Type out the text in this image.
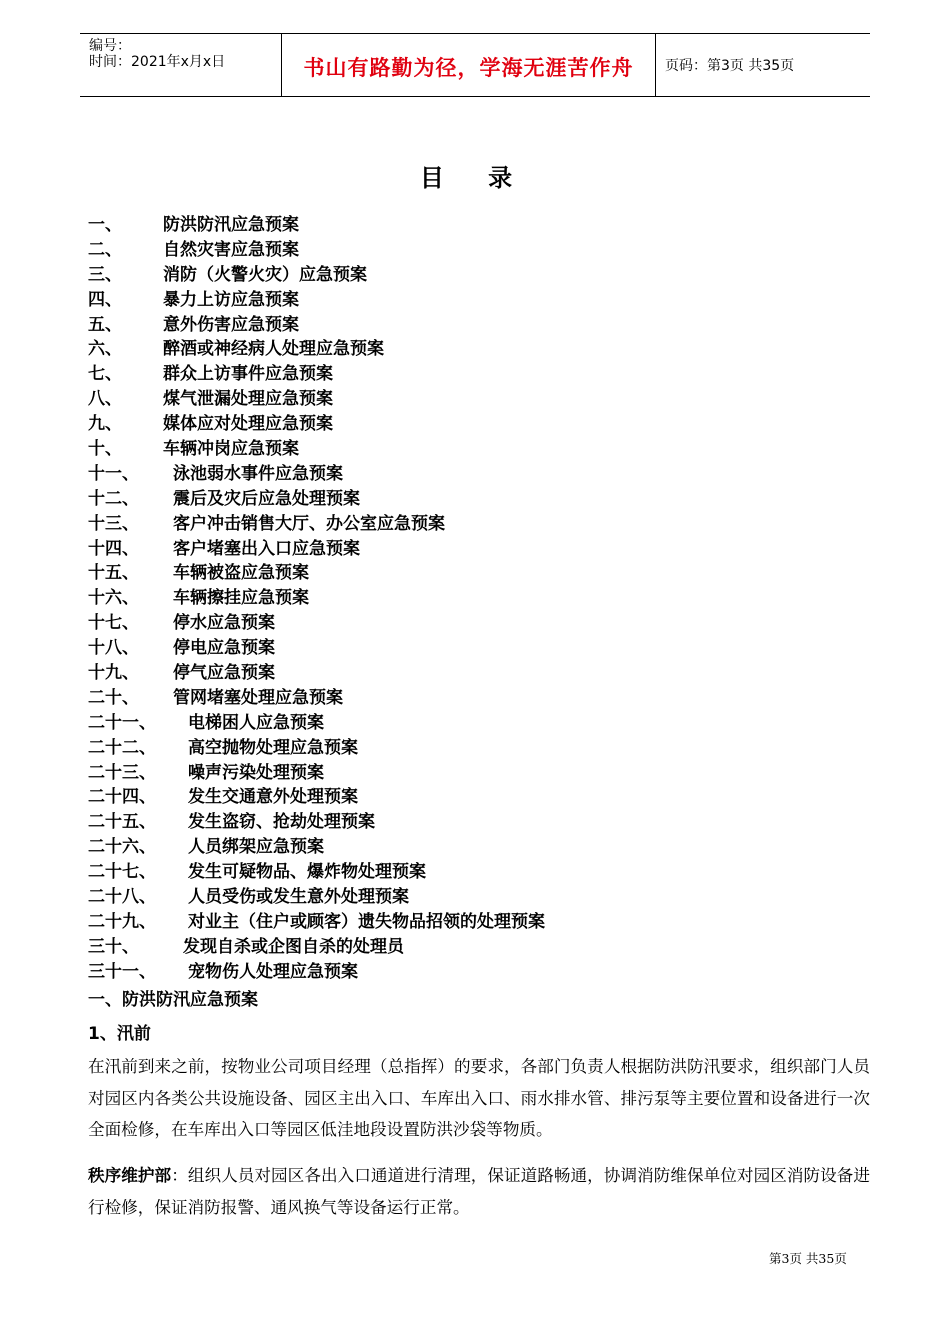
编号：
时间：2021年x月x日	书山有路勤为径，学海无涯苦作舟	页码：第3页 共35页
目 录
一、 防洪防汛应急预案
二、 自然灾害应急预案
三、 消防（火警火灾）应急预案
四、 暴力上访应急预案
五、 意外伤害应急预案
六、 醉酒或神经病人处理应急预案
七、 群众上访事件应急预案
八、 煤气泄漏处理应急预案
九、 媒体应对处理应急预案
十、 车辆冲岗应急预案
十一、 泳池弱水事件应急预案
十二、 震后及灾后应急处理预案
十三、 客户冲击销售大厅、办公室应急预案
十四、 客户堵塞出入口应急预案
十五、 车辆被盗应急预案
十六、 车辆擦挂应急预案
十七、 停水应急预案
十八、 停电应急预案
十九、 停气应急预案
二十、 管网堵塞处理应急预案
二十一、 电梯困人应急预案
二十二、 高空抛物处理应急预案
二十三、 噪声污染处理预案
二十四、 发生交通意外处理预案
二十五、 发生盗窃、抢劫处理预案
二十六、 人员绑架应急预案
二十七、 发生可疑物品、爆炸物处理预案
二十八、 人员受伤或发生意外处理预案
二十九、 对业主（住户或顾客）遗失物品招领的处理预案
三十、	发现自杀或企图自杀的处理员
三十一、 宠物伤人处理应急预案
一、防洪防汛应急预案
1、汛前
在汛前到来之前，按物业公司项目经理（总指挥）的要求，各部门负责人根据防洪防汛要求，组织部门人员对园区内各类公共设施设备、园区主出入口、车库出入口、雨水排水管、排污泵等主要位置和设备进行一次全面检修，在车库出入口等园区低洼地段设置防洪沙袋等物质。
秩序维护部：组织人员对园区各出入口通道进行清理，保证道路畅通，协调消防维保单位对园区消防设备进行检修，保证消防报警、通风换气等设备运行正常。
第3页 共35页
